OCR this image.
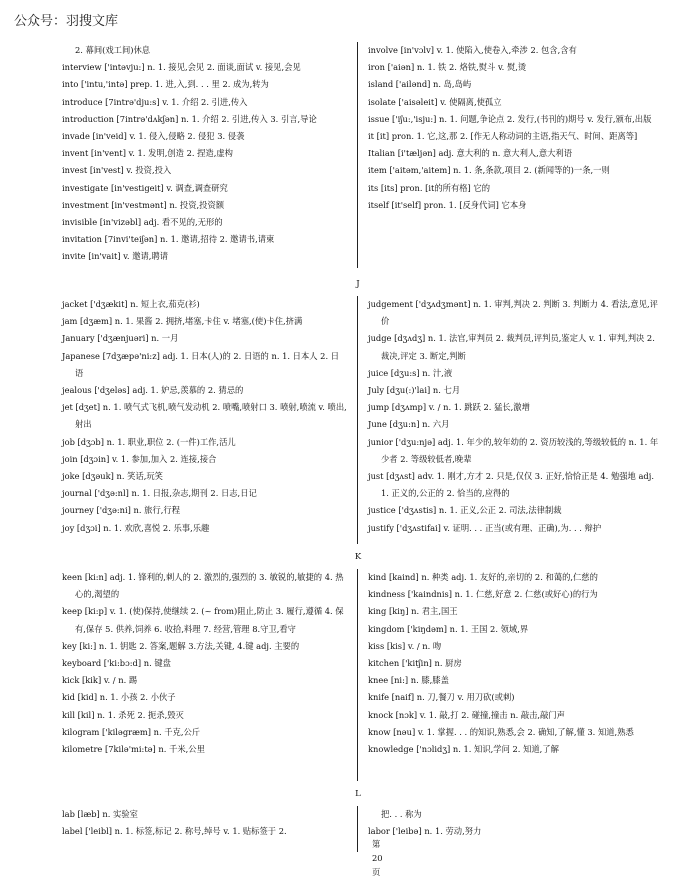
公众号：羽搜文库
2. 幕间(戏工间)休息
interview ['intəvju:] n. 1. 接见,会见 2. 面谈,面试 v. 接见,会见
into ['intu,'intə] prep. 1. 进,入,到. . . 里 2. 成为,转为
introduce [7intrə'dju:s] v. 1. 介绍 2. 引进,传入
introduction [7intrə'dʌkʃən] n. 1. 介绍 2. 引进,传入 3. 引言,导论
invade [in'veid] v. 1. 侵入,侵略 2. 侵犯 3. 侵袭
invent [in'vent] v. 1. 发明,创造 2. 捏造,虚构
invest [in'vest] v. 投资,投入
investigate [in'vestigeit] v. 调查,调查研究
investment [in'vestmənt] n. 投资,投资额
invisible [in'vizəbl] adj. 看不见的,无形的
invitation [7invi'teiʃən] n. 1. 邀请,招待 2. 邀请书,请柬
invite [in'vait] v. 邀请,聘请
involve [in'vɔlv] v. 1. 使陷入,使卷入,牵涉 2. 包含,含有
iron ['aiən] n. 1. 铁 2. 烙铁,熨斗 v. 熨,烫
island ['ailənd] n. 岛,岛屿
isolate ['aisəleit] v. 使隔离,使孤立
issue ['iʃu:,'isju:] n. 1. 问题,争论点 2. 发行,(书刊的)期号 v. 发行,颁布,出版
it [it] pron. 1. 它,这,那 2. [作无人称动词的主语,指天气、时间、距离等]
Italian [i'tæljən] adj. 意大利的 n. 意大利人,意大利语
item ['aitəm,'aitem] n. 1. 条,条款,项目 2. (新闻等的)一条,一则
its [its] pron. [it的所有格] 它的
itself [it'self] pron. 1. [反身代词] 它本身
J
jacket ['dʒækit] n. 短上衣,茄克(衫)
jam [dʒæm] n. 1. 果酱 2. 拥挤,堵塞,卡住 v. 堵塞,(使)卡住,挤满
January ['dʒænjuəri] n. 一月
Japanese [7dʒæpə'ni:z] adj. 1. 日本(人)的 2. 日语的 n. 1. 日本人 2. 日语
jealous ['dʒeləs] adj. 1. 妒忌,羡慕的 2. 猜忌的
jet [dʒet] n. 1. 喷气式飞机,喷气发动机 2. 喷嘴,喷射口 3. 喷射,喷流 v. 喷出,射出
job [dʒɔb] n. 1. 职业,职位 2. (一件)工作,活儿
join [dʒɔin] v. 1. 参加,加入 2. 连接,接合
joke [dʒəuk] n. 笑话,玩笑
journal ['dʒə:nl] n. 1. 日报,杂志,期刊 2. 日志,日记
journey ['dʒə:ni] n. 旅行,行程
joy [dʒɔi] n. 1. 欢欣,喜悦 2. 乐事,乐趣
judgement ['dʒʌdʒmənt] n. 1. 审判,判决 2. 判断 3. 判断力 4. 看法,意见,评价
judge [dʒʌdʒ] n. 1. 法官,审判员 2. 裁判员,评判员,鉴定人 v. 1. 审判,判决 2. 裁决,评定 3. 断定,判断
juice [dʒu:s] n. 汁,液
July [dʒu(:)'lai] n. 七月
jump [dʒʌmp] v. / n. 1. 跳跃 2. 猛长,激增
June [dʒu:n] n. 六月
junior ['dʒu:njə] adj. 1. 年少的,较年幼的 2. 资历较浅的,等级较低的 n. 1. 年少者 2. 等级较低者,晚辈
just [dʒʌst] adv. 1. 刚才,方才 2. 只是,仅仅 3. 正好,恰恰正是 4. 勉强地 adj. 1. 正义的,公正的 2. 恰当的,应得的
justice ['dʒʌstis] n. 1. 正义,公正 2. 司法,法律制裁
justify ['dʒʌstifai] v. 证明. . . 正当(或有理、正确),为. . . 辩护
K
keen [ki:n] adj. 1. 锋利的,刺人的 2. 激烈的,强烈的 3. 敏锐的,敏捷的 4. 热心的,渴望的
keep [ki:p] v. 1. (使)保持,使继续 2. (~ from)阻止,防止 3. 履行,遵循 4. 保有,保存 5. 供养,饲养 6. 收拾,料理 7. 经营,管理 8.守卫,看守
key [ki:] n. 1. 钥匙 2. 答案,题解 3.方法,关键, 4.键 adj. 主要的
keyboard ['ki:bɔ:d] n. 键盘
kick [kik] v. / n. 踢
kid [kid] n. 1. 小孩 2. 小伙子
kill [kil] n. 1. 杀死 2. 扼杀,毁灭
kilogram ['kiləgræm] n. 千克,公斤
kilometre [7kilə'mi:tə] n. 千米,公里
kind [kaind] n. 种类 adj. 1. 友好的,亲切的 2. 和蔼的,仁慈的
kindness ['kaindnis] n. 1. 仁慈,好意 2. 仁慈(或好心)的行为
king [kiŋ] n. 君主,国王
kingdom ['kiŋdəm] n. 1. 王国 2. 领域,界
kiss [kis] v. / n. 吻
kitchen ['kitʃin] n. 厨房
knee [ni:] n. 膝,膝盖
knife [naif] n. 刀,餐刀 v. 用刀砍(或刺)
knock [nɔk] v. 1. 敲,打 2. 碰撞,撞击 n. 敲击,敲门声
know [nəu] v. 1. 掌握. . . 的知识,熟悉,会 2. 确知,了解,懂 3. 知道,熟悉
knowledge ['nɔlidʒ] n. 1. 知识,学问 2. 知道,了解
L
lab [læb] n. 实验室
label ['leibl] n. 1. 标签,标记 2. 称号,绰号 v. 1. 贴标签于 2.
把. . . 称为
labor ['leibə] n. 1. 劳动,努力
第20页
